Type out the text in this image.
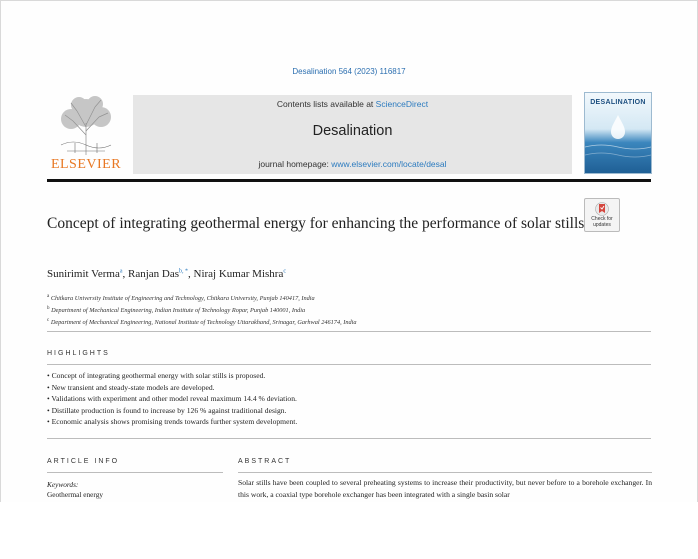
Desalination 564 (2023) 116817
ELSEVIER
Contents lists available at ScienceDirect
Desalination
journal homepage: www.elsevier.com/locate/desal
DESALINATION
Concept of integrating geothermal energy for enhancing the performance of solar stills	Check for
updates
Sunirimit Verma$^a$, Ranjan Das$^{b, *}$, Niraj Kumar Mishra$^c$
$^a$ Chitkara University Institute of Engineering and Technology, Chitkara University, Punjab 140417, India
$^b$ Department of Mechanical Engineering, Indian Institute of Technology Ropar, Punjab 140001, India
$^c$ Department of Mechanical Engineering, National Institute of Technology Uttarakhand, Srinagar, Garhwal 246174, India
HIGHLIGHTS
• Concept of integrating geothermal energy with solar stills is proposed.
• New transient and steady-state models are developed.
• Validations with experiment and other model reveal maximum 14.4 % deviation.
• Distillate production is found to increase by 126 % against traditional design.
• Economic analysis shows promising trends towards further system development.
ARTICLE INFO
Keywords:
Geothermal energy
ABSTRACT
Solar stills have been coupled to several preheating systems to increase their productivity, but never before to a borehole exchanger. In this work, a coaxial type borehole exchanger has been integrated with a single basin solar
